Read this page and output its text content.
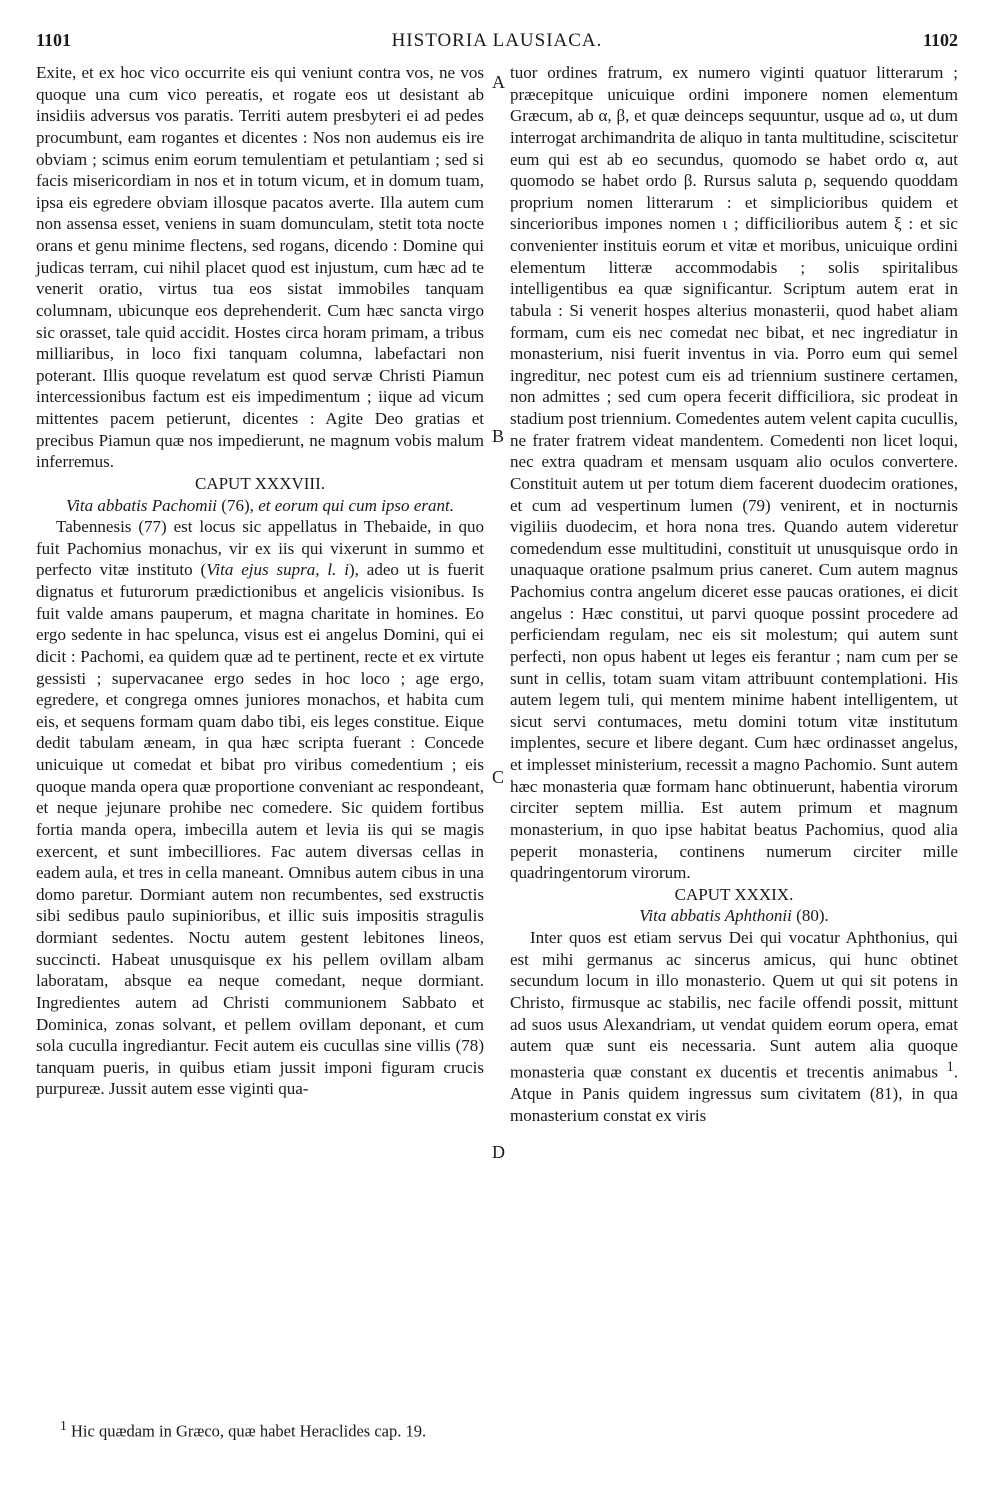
1101	HISTORIA LAUSIACA.	1102

Exite, et ex hoc vico occurrite eis qui veniunt contra vos, ne vos quoque una cum vico pereatis, et rogate eos ut desistant ab insidiis adversus vos paratis. Territi autem presbyteri ei ad pedes procumbunt, eam rogantes et dicentes : Nos non audemus eis ire obviam ; scimus enim eorum temulentiam et petulantiam ; sed si facis misericordiam in nos et in totum vicum, et in domum tuam, ipsa eis egredere obviam illosque pacatos averte. Illa autem cum non assensa esset, veniens in suam domunculam, stetit tota nocte orans et genu minime flectens, sed rogans, dicendo : Domine qui judicas terram, cui nihil placet quod est injustum, cum hæc ad te venerit oratio, virtus tua eos sistat immobiles tanquam columnam, ubicunque eos deprehenderit. Cum hæc sancta virgo sic orasset, tale quid accidit. Hostes circa horam primam, a tribus milliaribus, in loco fixi tanquam columna, labefactari non poterant. Illis quoque revelatum est quod servæ Christi Piamun intercessionibus factum est eis impedimentum ; iique ad vicum mittentes pacem petierunt, dicentes : Agite Deo gratias et precibus Piamun quæ nos impedierunt, ne magnum vobis malum inferremus.

CAPUT XXXVIII.
Vita abbatis Pachomii (76), et eorum qui cum ipso erant.

Tabennesis (77) est locus sic appellatus in Thebaide, in quo fuit Pachomius monachus, vir ex iis qui vixerunt in summo et perfecto vitæ instituto (Vita ejus supra, l. i), adeo ut is fuerit dignatus et futurorum prædictionibus et angelicis visionibus. Is fuit valde amans pauperum, et magna charitate in homines. Eo ergo sedente in hac spelunca, visus est ei angelus Domini, qui ei dicit : Pachomi, ea quidem quæ ad te pertinent, recte et ex virtute gessisti ; supervacanee ergo sedes in hoc loco ; age ergo, egredere, et congrega omnes juniores monachos, et habita cum eis, et sequens formam quam dabo tibi, eis leges constitue. Eique dedit tabulam æneam, in qua hæc scripta fuerant : Concede unicuique ut comedat et bibat pro viribus comedentium ; eis quoque manda opera quæ proportione conveniant ac respondeant, et neque jejunare prohibe nec comedere. Sic quidem fortibus fortia manda opera, imbecilla autem et levia iis qui se magis exercent, et sunt imbecilliores. Fac autem diversas cellas in eadem aula, et tres in cella maneant. Omnibus autem cibus in una domo paretur. Dormiant autem non recumbentes, sed exstructis sibi sedibus paulo supinioribus, et illic suis impositis stragulis dormiant sedentes. Noctu autem gestent lebitones lineos, succincti. Habeat unusquisque ex his pellem ovillam albam laboratam, absque ea neque comedant, neque dormiant. Ingredientes autem ad Christi communionem Sabbato et Dominica, zonas solvant, et pellem ovillam deponant, et cum sola cuculla ingrediantur. Fecit autem eis cucullas sine villis (78) tanquam pueris, in quibus etiam jussit imponi figuram crucis purpureæ. Jussit autem esse viginti qua-

tuor ordines fratrum, ex numero viginti quatuor litterarum ; præcepitque unicuique ordini imponere nomen elementum Græcum, ab α, β, et quæ deinceps sequuntur, usque ad ω, ut dum interrogat archimandrita de aliquo in tanta multitudine, sciscitetur eum qui est ab eo secundus, quomodo se habet ordo α, aut quomodo se habet ordo β. Rursus saluta ρ, sequendo quoddam proprium nomen litterarum : et simplicioribus quidem et sincerioribus impones nomen ι ; difficilioribus autem ξ : et sic convenienter instituis eorum et vitæ et moribus, unicuique ordini elementum litteræ accommodabis ; solis spiritalibus intelligentibus ea quæ significantur. Scriptum autem erat in tabula : Si venerit hospes alterius monasterii, quod habet aliam formam, cum eis nec comedat nec bibat, et nec ingrediatur in monasterium, nisi fuerit inventus in via. Porro eum qui semel ingreditur, nec potest cum eis ad triennium sustinere certamen, non admittes ; sed cum opera fecerit difficiliora, sic prodeat in stadium post triennium. Comedentes autem velent capita cucullis, ne frater fratrem videat mandentem. Comedenti non licet loqui, nec extra quadram et mensam usquam alio oculos convertere. Constituit autem ut per totum diem facerent duodecim orationes, et cum ad vespertinum lumen (79) venirent, et in nocturnis vigiliis duodecim, et hora nona tres. Quando autem videretur comedendum esse multitudini, constituit ut unusquisque ordo in unaquaque oratione psalmum prius caneret. Cum autem magnus Pachomius contra angelum diceret esse paucas orationes, ei dicit angelus : Hæc constitui, ut parvi quoque possint procedere ad perficiendam regulam, nec eis sit molestum; qui autem sunt perfecti, non opus habent ut leges eis ferantur ; nam cum per se sunt in cellis, totam suam vitam attribuunt contemplationi. His autem legem tuli, qui mentem minime habent intelligentem, ut sicut servi contumaces, metu domini totum vitæ institutum implentes, secure et libere degant. Cum hæc ordinasset angelus, et implesset ministerium, recessit a magno Pachomio. Sunt autem hæc monasteria quæ formam hanc obtinuerunt, habentia virorum circiter septem millia. Est autem primum et magnum monasterium, in quo ipse habitat beatus Pachomius, quod alia peperit monasteria, continens numerum circiter mille quadringentorum virorum.

CAPUT XXXIX.
Vita abbatis Aphthonii (80).

Inter quos est etiam servus Dei qui vocatur Aphthonius, qui est mihi germanus ac sincerus amicus, qui hunc obtinet secundum locum in illo monasterio. Quem ut qui sit potens in Christo, firmusque ac stabilis, nec facile offendi possit, mittunt ad suos usus Alexandriam, ut vendat quidem eorum opera, emat autem quæ sunt eis necessaria. Sunt autem alia quoque monasteria quæ constant ex ducentis et trecentis animabus $^1$. Atque in Panis quidem ingressus sum civitatem (81), in qua monasterium constat ex viris

A
B
C
D
$^1$ Hic quædam in Græco, quæ habet Heraclides cap. 19.
